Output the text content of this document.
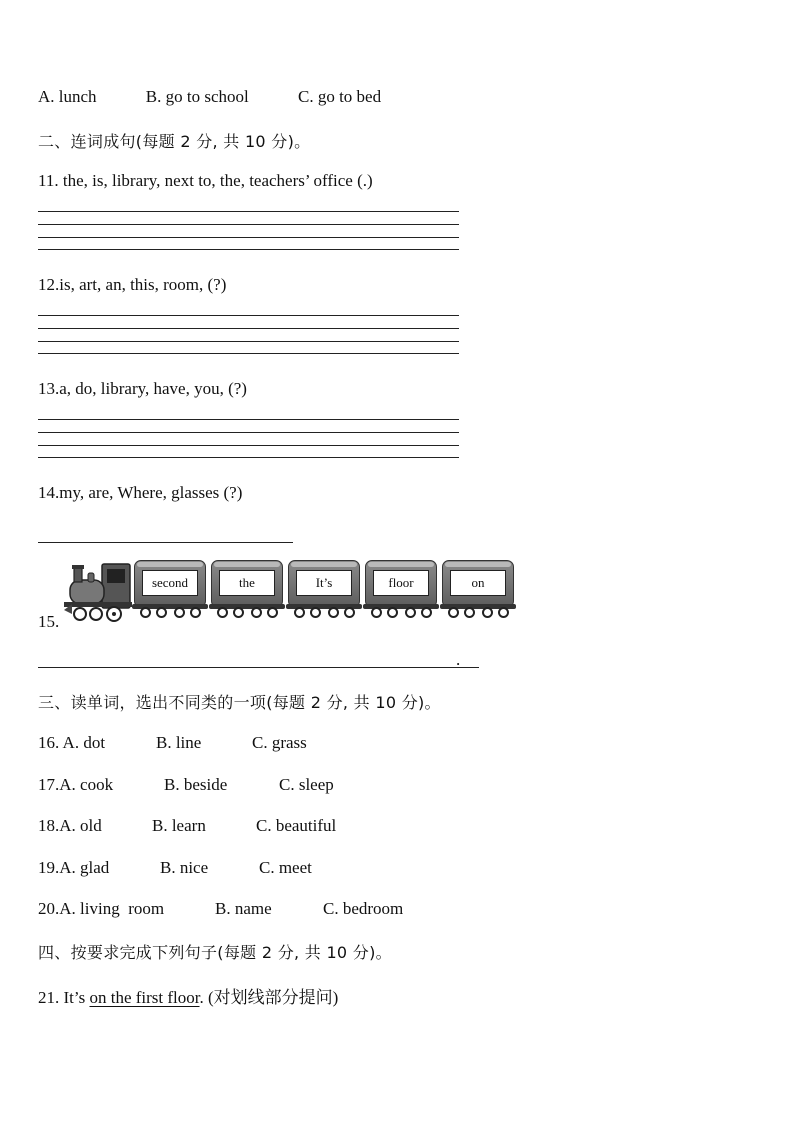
A. lunch	B. go to school	C. go to bed
二、连词成句(每题 2 分, 共 10 分)。
11. the, is, library, next to, the, teachers’ office (.)
12.is, art, an, this, room, (?)
13.a, do, library, have, you, (?)
14.my, are, Where, glasses (?)
15.
second	the	It’s	floor	on
.
三、读单词，选出不同类的一项(每题 2 分, 共 10 分)。
16. A. dot	B. line	C. grass
17.A. cook	B. beside	C. sleep
18.A. old	B. learn	C. beautiful
19.A. glad	B. nice	C. meet
20.A. living  room	B. name	C. bedroom
四、按要求完成下列句子(每题 2 分, 共 10 分)。
21. It’s on the first floor. (对划线部分提问)
